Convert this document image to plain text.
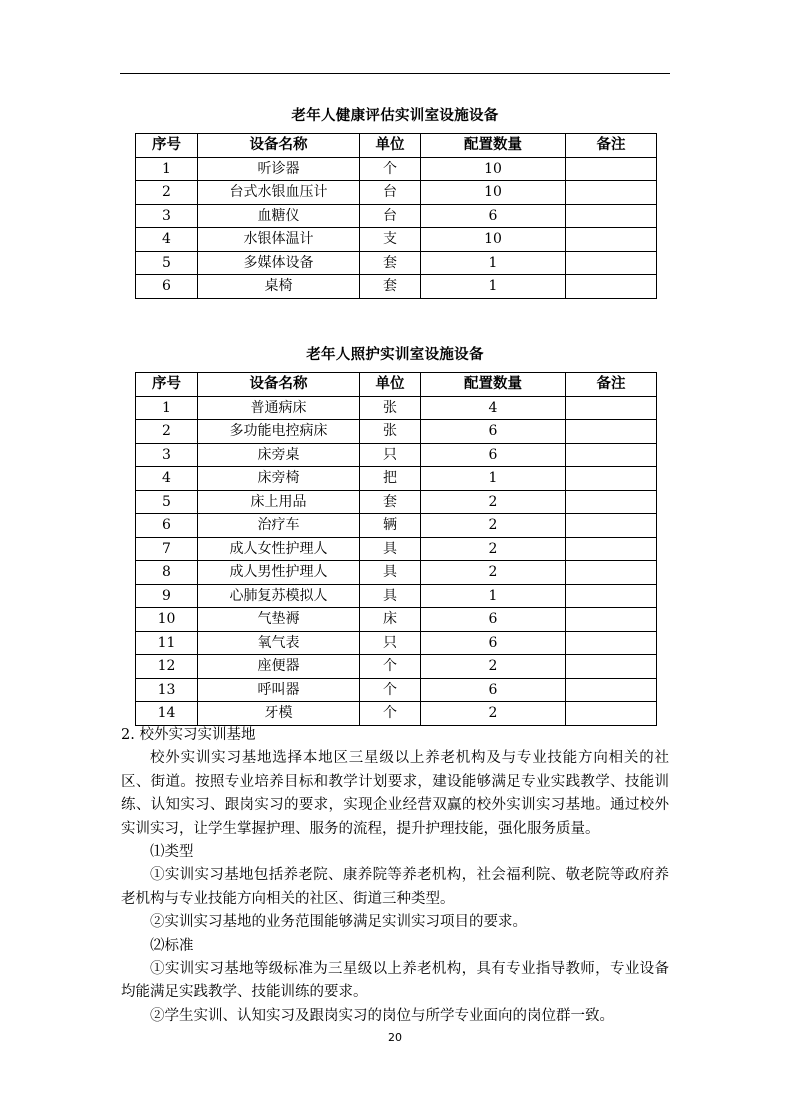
老年人健康评估实训室设施设备
序号	设备名称	单位	配置数量	备注
1	听诊器	个	10	
2	台式水银血压计	台	10	
3	血糖仪	台	6	
4	水银体温计	支	10	
5	多媒体设备	套	1	
6	桌椅	套	1	
老年人照护实训室设施设备
序号	设备名称	单位	配置数量	备注
1	普通病床	张	4	
2	多功能电控病床	张	6	
3	床旁桌	只	6	
4	床旁椅	把	1	
5	床上用品	套	2	
6	治疗车	辆	2	
7	成人女性护理人	具	2	
8	成人男性护理人	具	2	
9	心肺复苏模拟人	具	1	
10	气垫褥	床	6	
11	氧气表	只	6	
12	座便器	个	2	
13	呼叫器	个	6	
14	牙模	个	2	

2. 校外实习实训基地

校外实训实习基地选择本地区三星级以上养老机构及与专业技能方向相关的社区、街道。按照专业培养目标和教学计划要求，建设能够满足专业实践教学、技能训练、认知实习、跟岗实习的要求，实现企业经营双赢的校外实训实习基地。通过校外实训实习，让学生掌握护理、服务的流程，提升护理技能，强化服务质量。

⑴类型

①实训实习基地包括养老院、康养院等养老机构，社会福利院、敬老院等政府养老机构与专业技能方向相关的社区、街道三种类型。

②实训实习基地的业务范围能够满足实训实习项目的要求。

⑵标准

①实训实习基地等级标准为三星级以上养老机构，具有专业指导教师，专业设备均能满足实践教学、技能训练的要求。

②学生实训、认知实习及跟岗实习的岗位与所学专业面向的岗位群一致。

20
